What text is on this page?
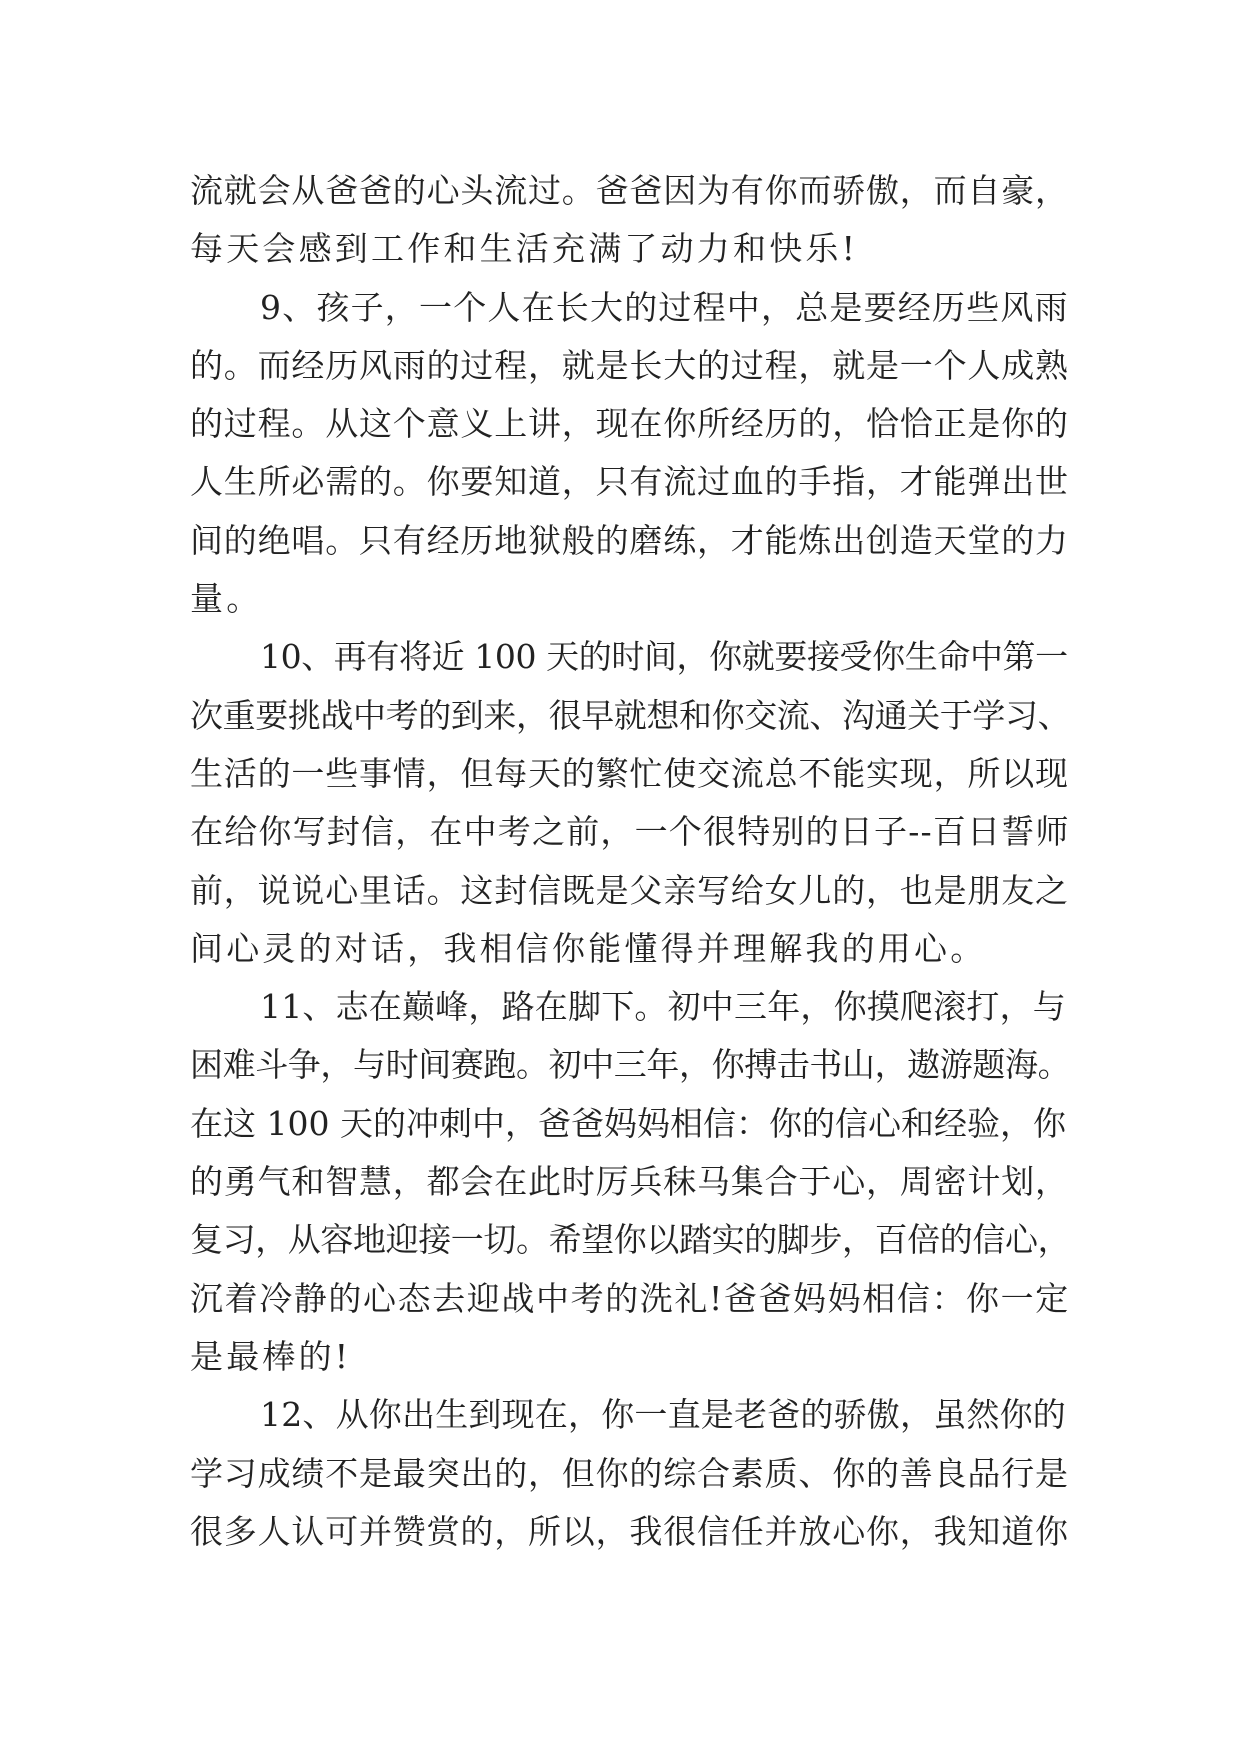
流就会从爸爸的心头流过。爸爸因为有你而骄傲，而自豪，
每天会感到工作和生活充满了动力和快乐!
9、孩子，一个人在长大的过程中，总是要经历些风雨
的。而经历风雨的过程，就是长大的过程，就是一个人成熟
的过程。从这个意义上讲，现在你所经历的，恰恰正是你的
人生所必需的。你要知道，只有流过血的手指，才能弹出世
间的绝唱。只有经历地狱般的磨练，才能炼出创造天堂的力
量。
10、再有将近 100 天的时间，你就要接受你生命中第一
次重要挑战中考的到来，很早就想和你交流、沟通关于学习、
生活的一些事情，但每天的繁忙使交流总不能实现，所以现
在给你写封信，在中考之前，一个很特别的日子--百日誓师
前，说说心里话。这封信既是父亲写给女儿的，也是朋友之
间心灵的对话，我相信你能懂得并理解我的用心。
11、志在巅峰，路在脚下。初中三年，你摸爬滚打，与
困难斗争，与时间赛跑。初中三年，你搏击书山，遨游题海。
在这 100 天的冲刺中，爸爸妈妈相信：你的信心和经验，你
的勇气和智慧，都会在此时厉兵秣马集合于心，周密计划，
复习，从容地迎接一切。希望你以踏实的脚步，百倍的信心，
沉着冷静的心态去迎战中考的洗礼!爸爸妈妈相信：你一定
是最棒的!
12、从你出生到现在，你一直是老爸的骄傲，虽然你的
学习成绩不是最突出的，但你的综合素质、你的善良品行是
很多人认可并赞赏的，所以，我很信任并放心你，我知道你
